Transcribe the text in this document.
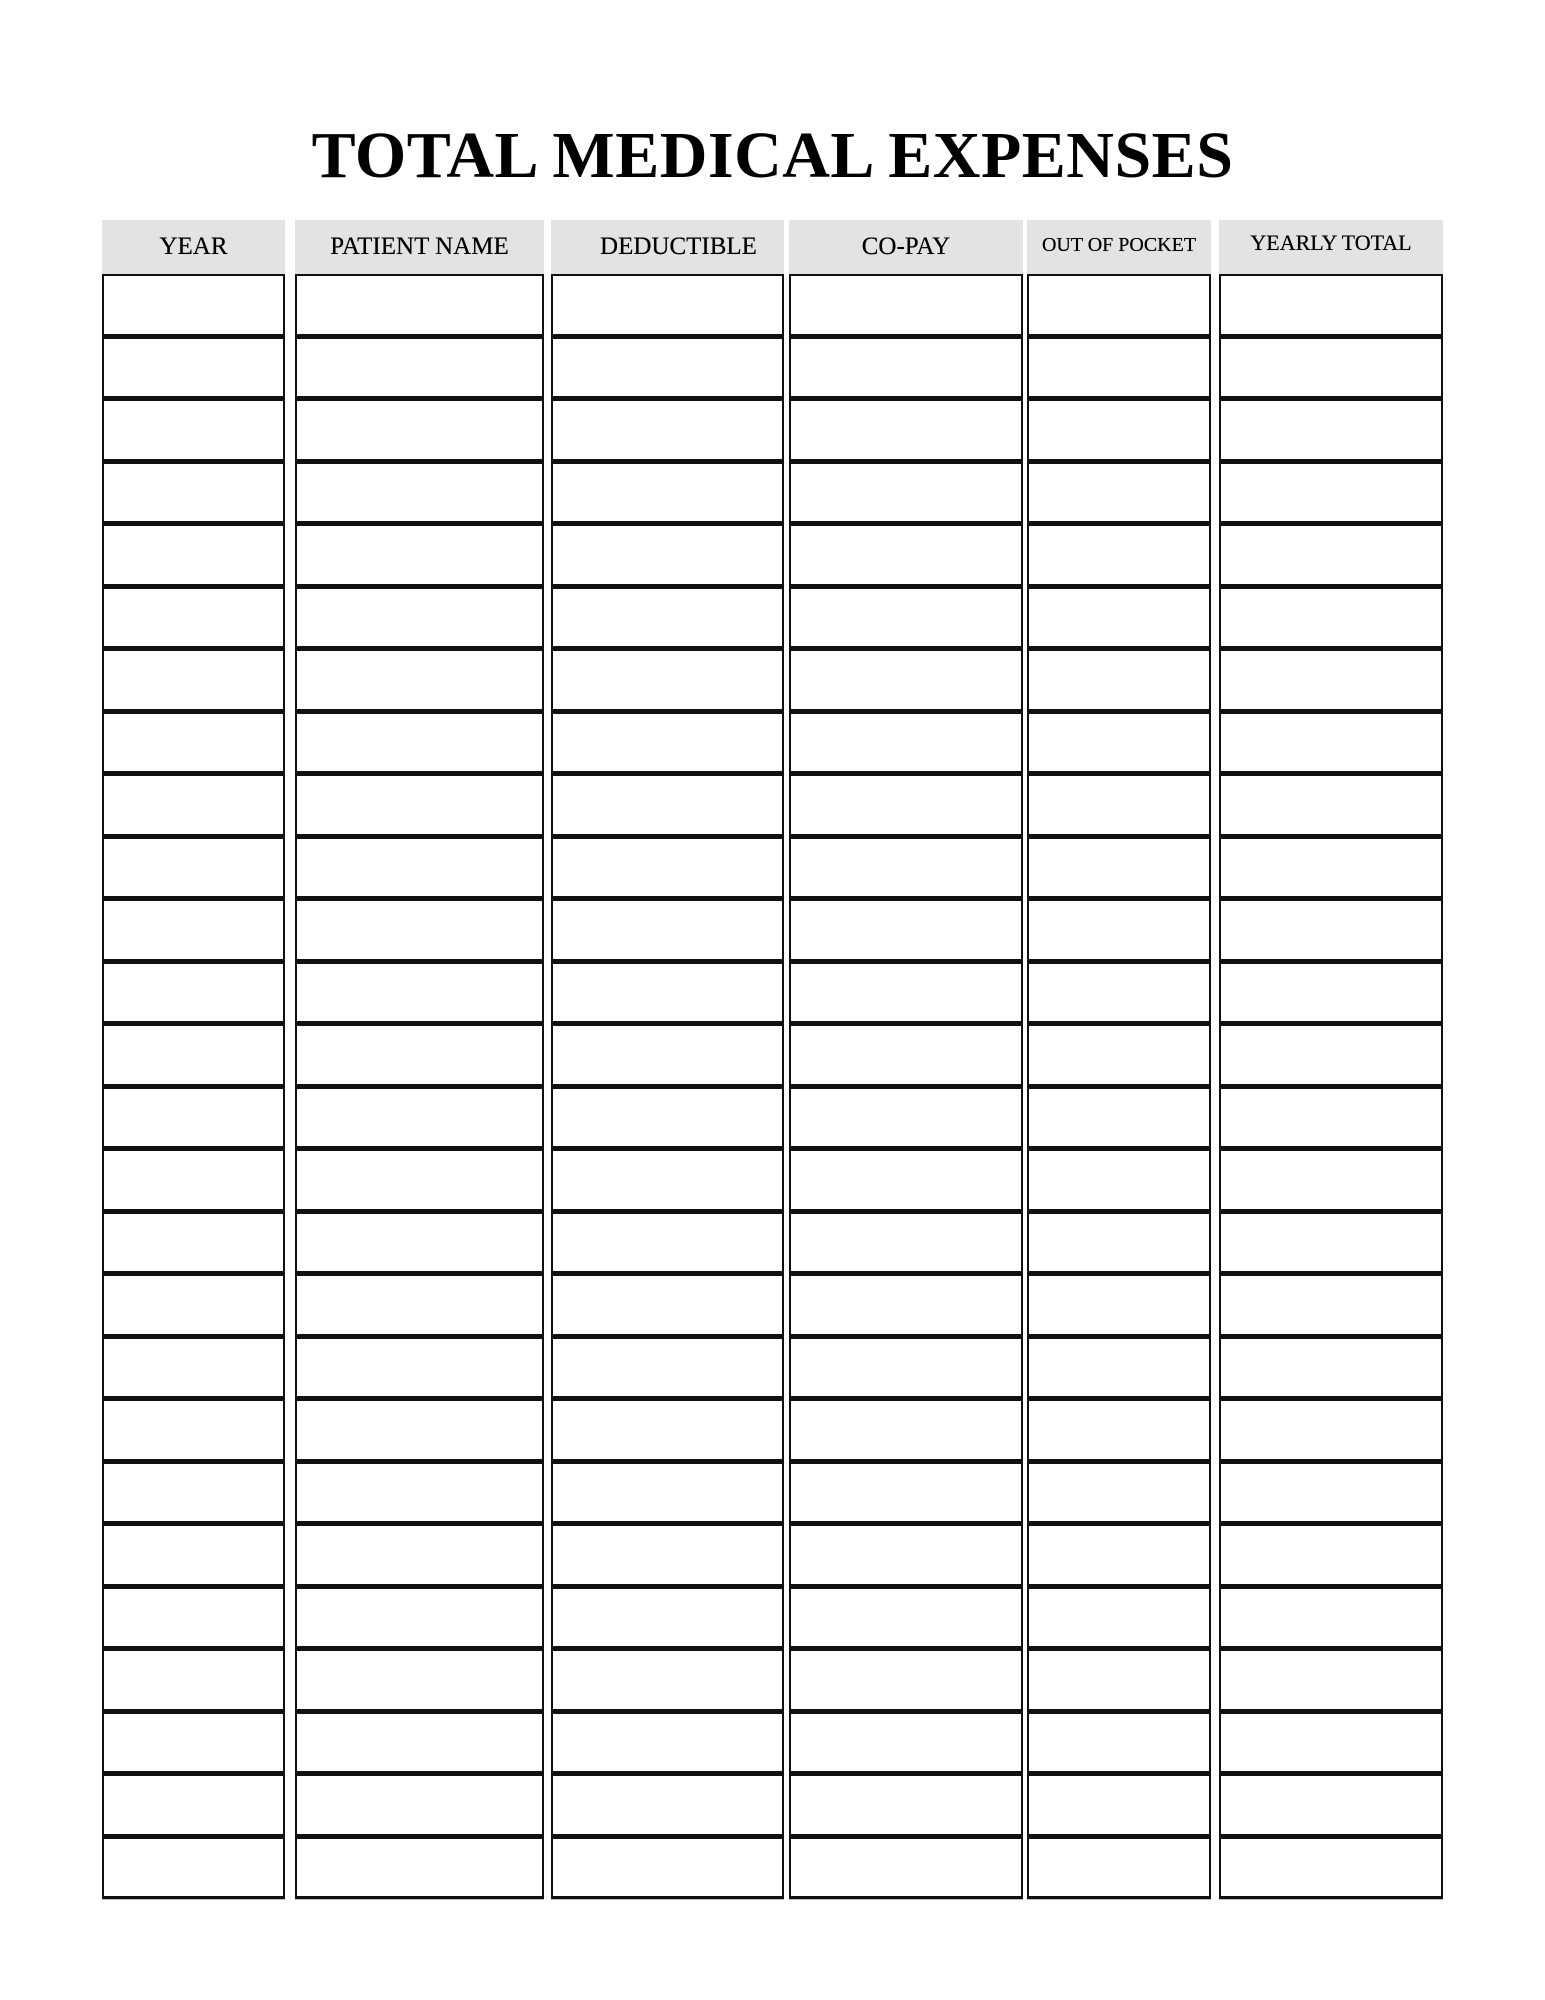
TOTAL MEDICAL EXPENSES
YEAR	PATIENT NAME	DEDUCTIBLE	CO-PAY	OUT OF POCKET	YEARLY TOTAL
